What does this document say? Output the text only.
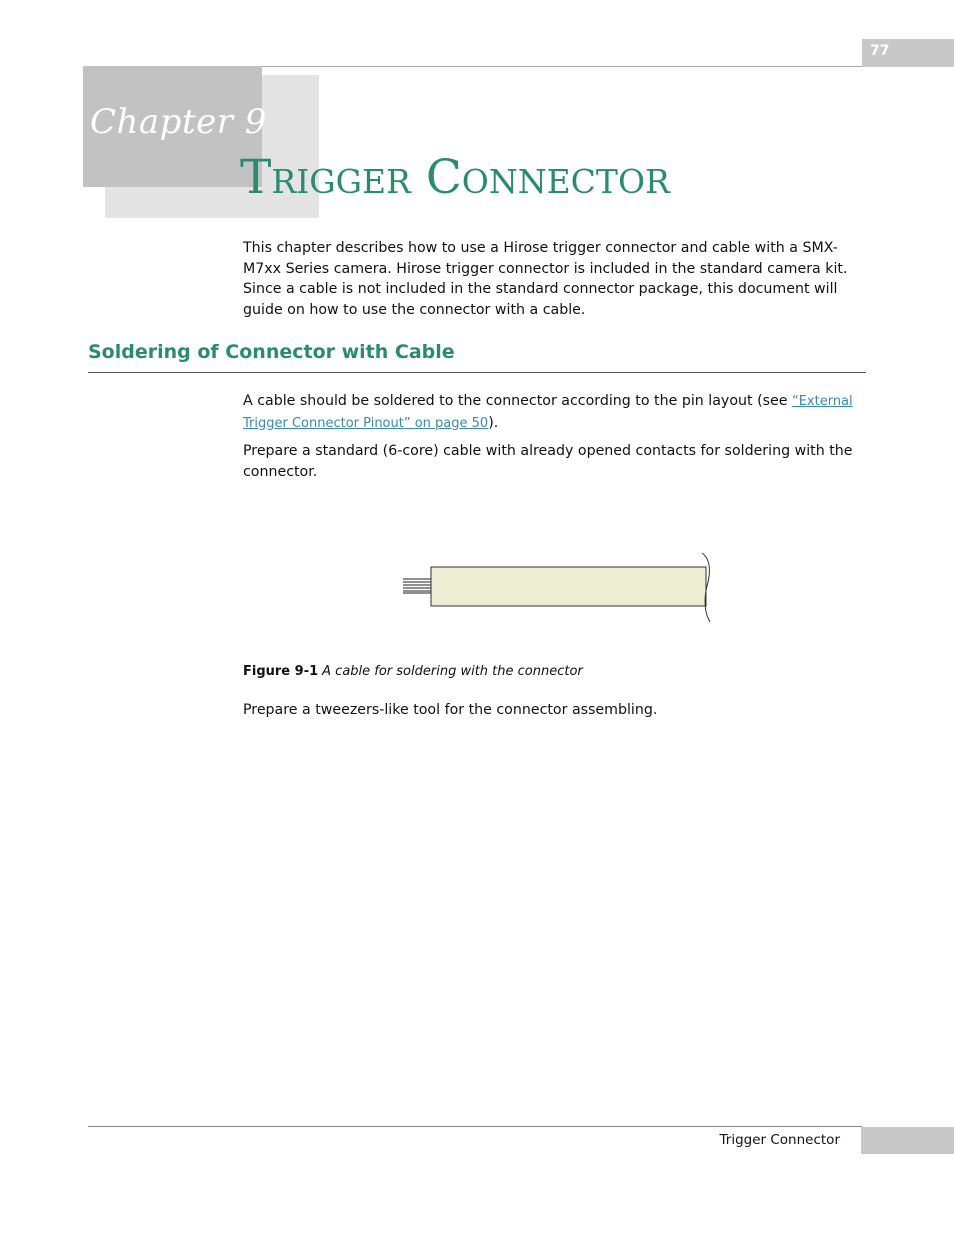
77
Chapter 9
Trigger Connector
This chapter describes how to use a Hirose trigger connector and cable with a SMX-M7xx Series camera. Hirose trigger connector is included in the standard camera kit. Since a cable is not included in the standard connector package, this document will guide on how to use the connector with a cable.
Soldering of Connector with Cable
A cable should be soldered to the connector according to the pin layout (see “External Trigger Connector Pinout” on page 50).
Prepare a standard (6-core) cable with already opened contacts for soldering with the connector.
Figure 9-1 A cable for soldering with the connector
Prepare a tweezers-like tool for the connector assembling.
Trigger Connector
